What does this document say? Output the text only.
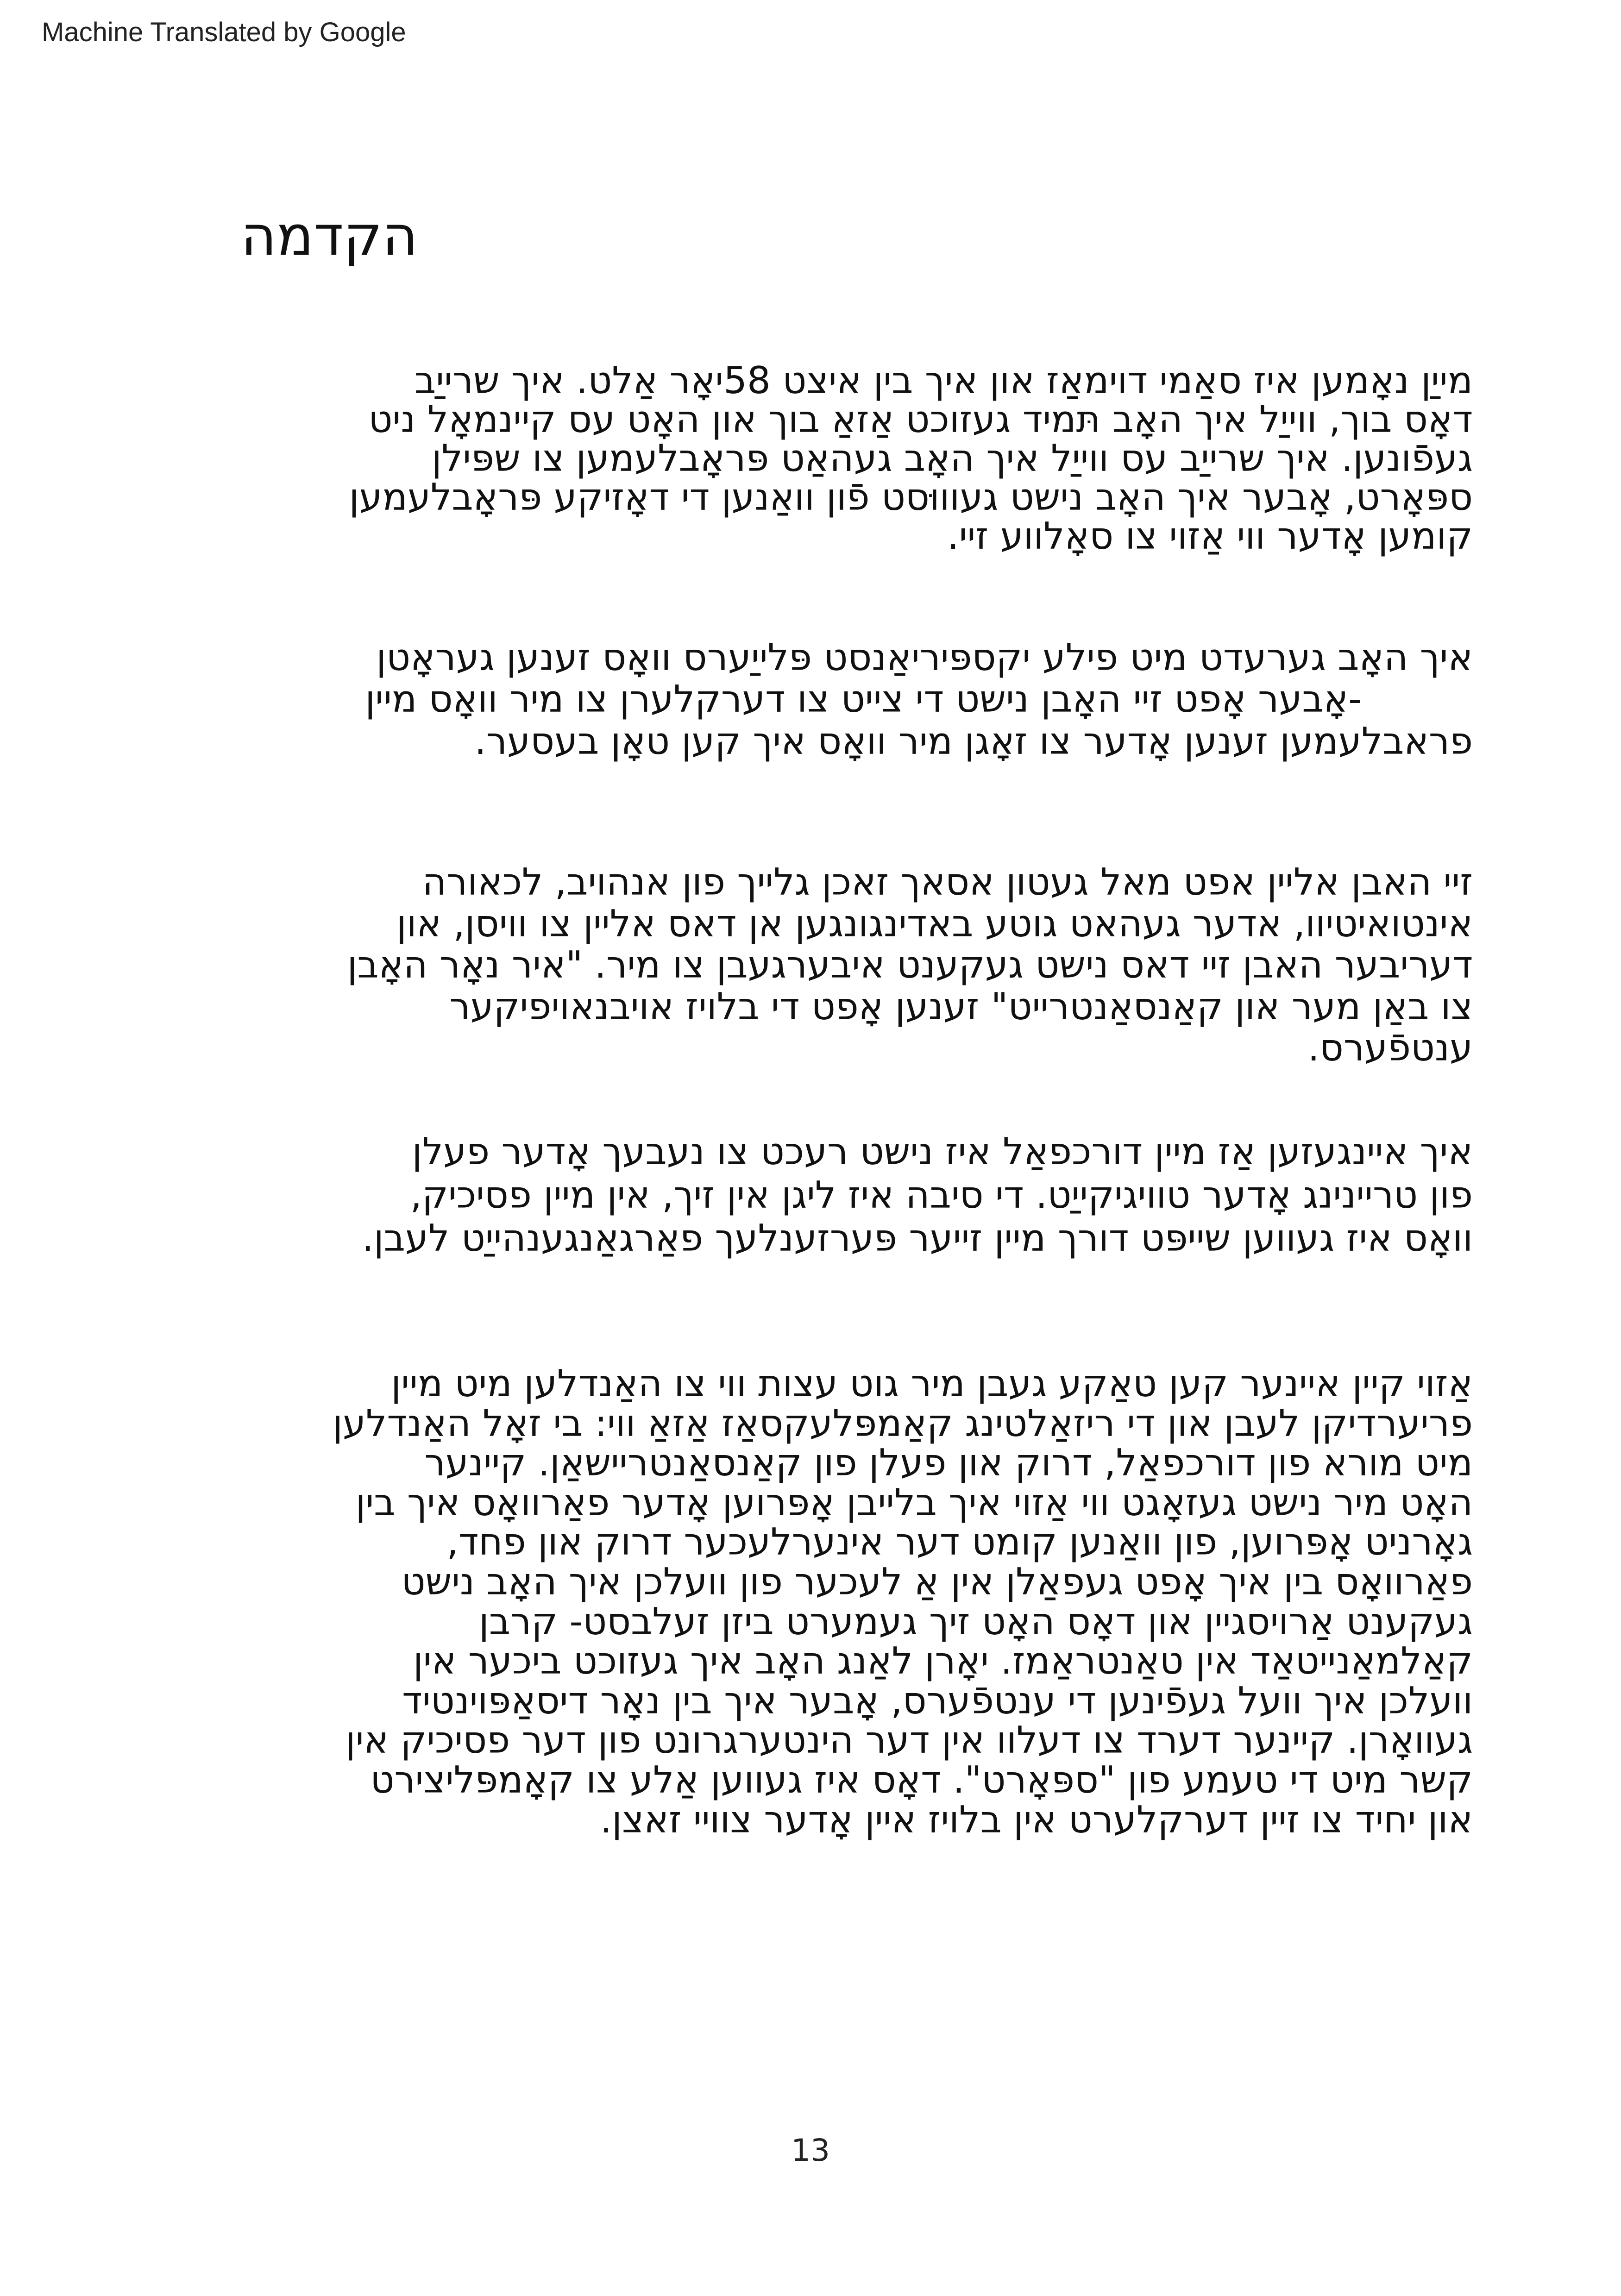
Machine Translated by Google
הקדמה

מייַן נאָמען איז סאַמי דוימאַז און איך בין איצט 58יאָר אַלט. איך שרייַב
דאָס בוך, ווייַל איך האָב תּמיד געזוכט אַזאַ בוך און האָט עס קיינמאָל ניט
געפֿונען. איך שרייַב עס ווייַל איך האָב געהאַט פּראָבלעמען צו שפּילן
ספּאָרט, אָבער איך האָב נישט געוווּסט פֿון וואַנען די דאָזיקע פּראָבלעמען
קומען אָדער ווי אַזוי צו סאָלווע זיי.

איך האָב גערעדט מיט פילע יקספּיריאַנסט פּלייַערס וואָס זענען געראָטן
-אָבער אָפט זיי האָבן נישט די צייט צו דערקלערן צו מיר וואָס מיין
פראבלעמען זענען אָדער צו זאָגן מיר וואָס איך קען טאָן בעסער.

זיי האבן אליין אפט מאל געטון אסאך זאכן גלייך פון אנהויב, לכאורה
אינטואיטיוו, אדער געהאט גוטע באדינגונגען אן דאס אליין צו וויסן, און
דעריבער האבן זיי דאס נישט געקענט איבערגעבן צו מיר. "איר נאָר האָבן
צו באַן מער און קאַנסאַנטרייט" זענען אָפט די בלויז אויבנאויפיקער
ענטפֿערס.

איך איינגעזען אַז מיין דורכפאַל איז נישט רעכט צו נעבעך אָדער פעלן
פון טריינינג אָדער טוויגיקייַט. די סיבה איז ליגן אין זיך, אין מיין פסיכיק,
וואָס איז געווען שייפּט דורך מיין זייער פּערזענלעך פאַרגאַנגענהייַט לעבן.

אַזוי קיין איינער קען טאַקע געבן מיר גוט עצות ווי צו האַנדלען מיט מיין
פריערדיקן לעבן און די ריזאַלטינג קאַמפּלעקסאַז אַזאַ ווי: בי זאָל האַנדלען
מיט מורא פון דורכפאַל, דרוק און פעלן פון קאַנסאַנטריישאַן. קיינער
האָט מיר נישט געזאָגט ווי אַזוי איך בלייבן אָפּרוען אָדער פאַרוואָס איך בין
גאָרניט אָפּרוען, פון וואַנען קומט דער אינערלעכער דרוק און פחד,
פאַרוואָס בין איך אָפט געפאַלן אין אַ לעכער פון וועלכן איך האָב נישט
געקענט אַרויסגיין און דאָס האָט זיך געמערט ביזן זעלבסט- קרבן
קאַלמאַנייטאַד אין טאַנטראַמז. יאָרן לאַנג האָב איך געזוכט ביכער אין
וועלכן איך וועל געפֿינען די ענטפֿערס, אָבער איך בין נאָר דיסאַפּוינטיד
געוואָרן. קיינער דערד צו דעלוו אין דער הינטערגרונט פון דער פסיכיק אין
קשר מיט די טעמע פון "ספּאָרט". דאָס איז געווען אַלע צו קאָמפּליצירט
און יחיד צו זיין דערקלערט אין בלויז איין אָדער צוויי זאצן.

13
